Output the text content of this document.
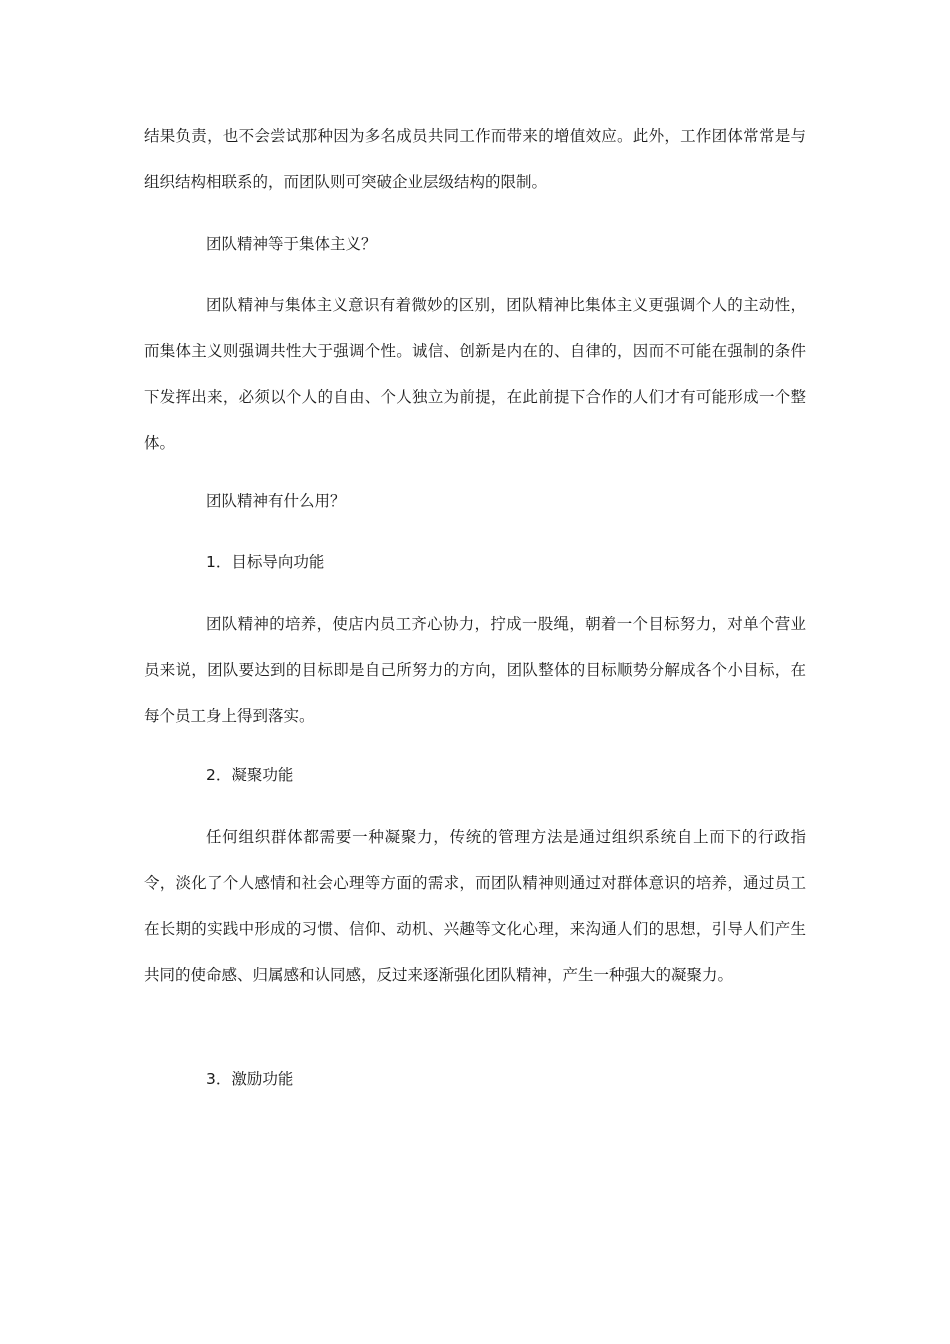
结果负责，也不会尝试那种因为多名成员共同工作而带来的增值效应。此外，工作团体常常是与组织结构相联系的，而团队则可突破企业层级结构的限制。

团队精神等于集体主义？

团队精神与集体主义意识有着微妙的区别，团队精神比集体主义更强调个人的主动性，而集体主义则强调共性大于强调个性。诚信、创新是内在的、自律的，因而不可能在强制的条件下发挥出来，必须以个人的自由、个人独立为前提，在此前提下合作的人们才有可能形成一个整体。

团队精神有什么用？

1．目标导向功能

团队精神的培养，使店内员工齐心协力，拧成一股绳，朝着一个目标努力，对单个营业员来说，团队要达到的目标即是自己所努力的方向，团队整体的目标顺势分解成各个小目标，在每个员工身上得到落实。

2．凝聚功能

任何组织群体都需要一种凝聚力，传统的管理方法是通过组织系统自上而下的行政指令，淡化了个人感情和社会心理等方面的需求，而团队精神则通过对群体意识的培养，通过员工在长期的实践中形成的习惯、信仰、动机、兴趣等文化心理，来沟通人们的思想，引导人们产生共同的使命感、归属感和认同感，反过来逐渐强化团队精神，产生一种强大的凝聚力。

3．激励功能
